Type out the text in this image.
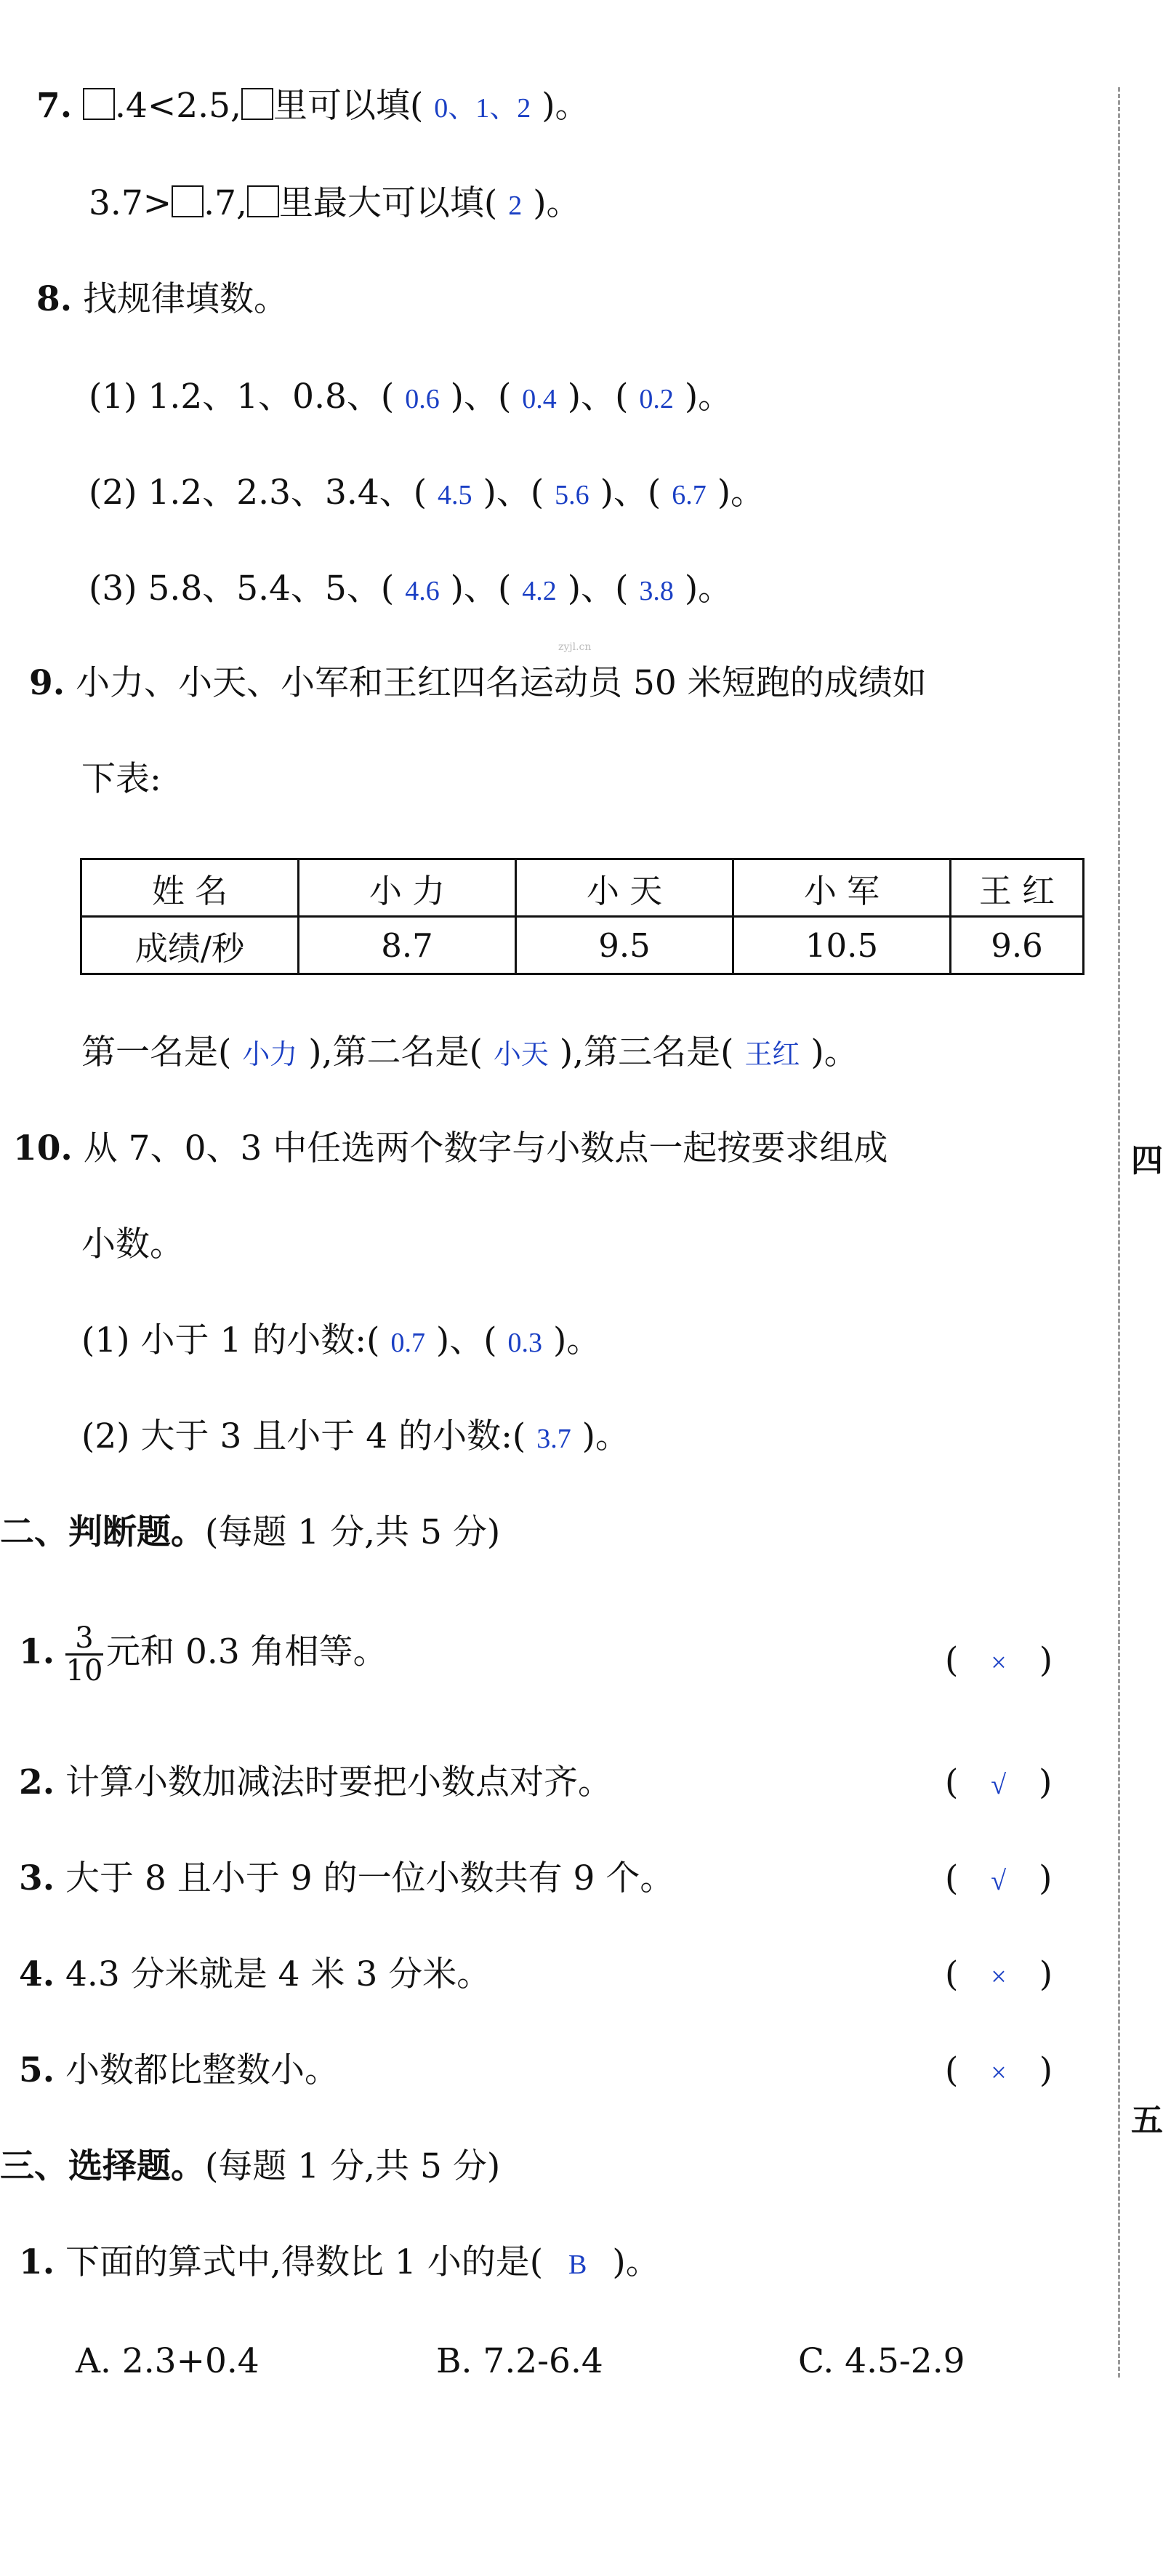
7. .4<2.5, 里可以填( 0、1、2 )。
3.7> .7, 里最大可以填( 2 )。
8. 找规律填数。
(1) 1.2、1、0.8、( 0.6 )、( 0.4 )、( 0.2 )。
(2) 1.2、2.3、3.4、( 4.5 )、( 5.6 )、( 6.7 )。
(3) 5.8、5.4、5、( 4.6 )、( 4.2 )、( 3.8 )。
zyjl.cn
9. 小力、小天、小军和王红四名运动员 50 米短跑的成绩如
下表:
姓 名	小 力	小 天	小 军	王 红
成绩/秒	8.7	9.5	10.5	9.6
第一名是( 小力 ),第二名是( 小天 ),第三名是( 王红 )。
10. 从 7、0、3 中任选两个数字与小数点一起按要求组成
小数。
(1) 小于 1 的小数:( 0.7 )、( 0.3 )。
(2) 大于 3 且小于 4 的小数:( 3.7 )。
二、判断题。(每题 1 分,共 5 分)
1. $\frac{3}{10}$ 元和 0.3 角相等。	( × )
2. 计算小数加减法时要把小数点对齐。	( √ )
3. 大于 8 且小于 9 的一位小数共有 9 个。	( √ )
4. 4.3 分米就是 4 米 3 分米。	( × )
5. 小数都比整数小。	( × )
三、选择题。(每题 1 分,共 5 分)
1. 下面的算式中,得数比 1 小的是( B )。
A. 2.3+0.4	B. 7.2-6.4	C. 4.5-2.9
四
五
